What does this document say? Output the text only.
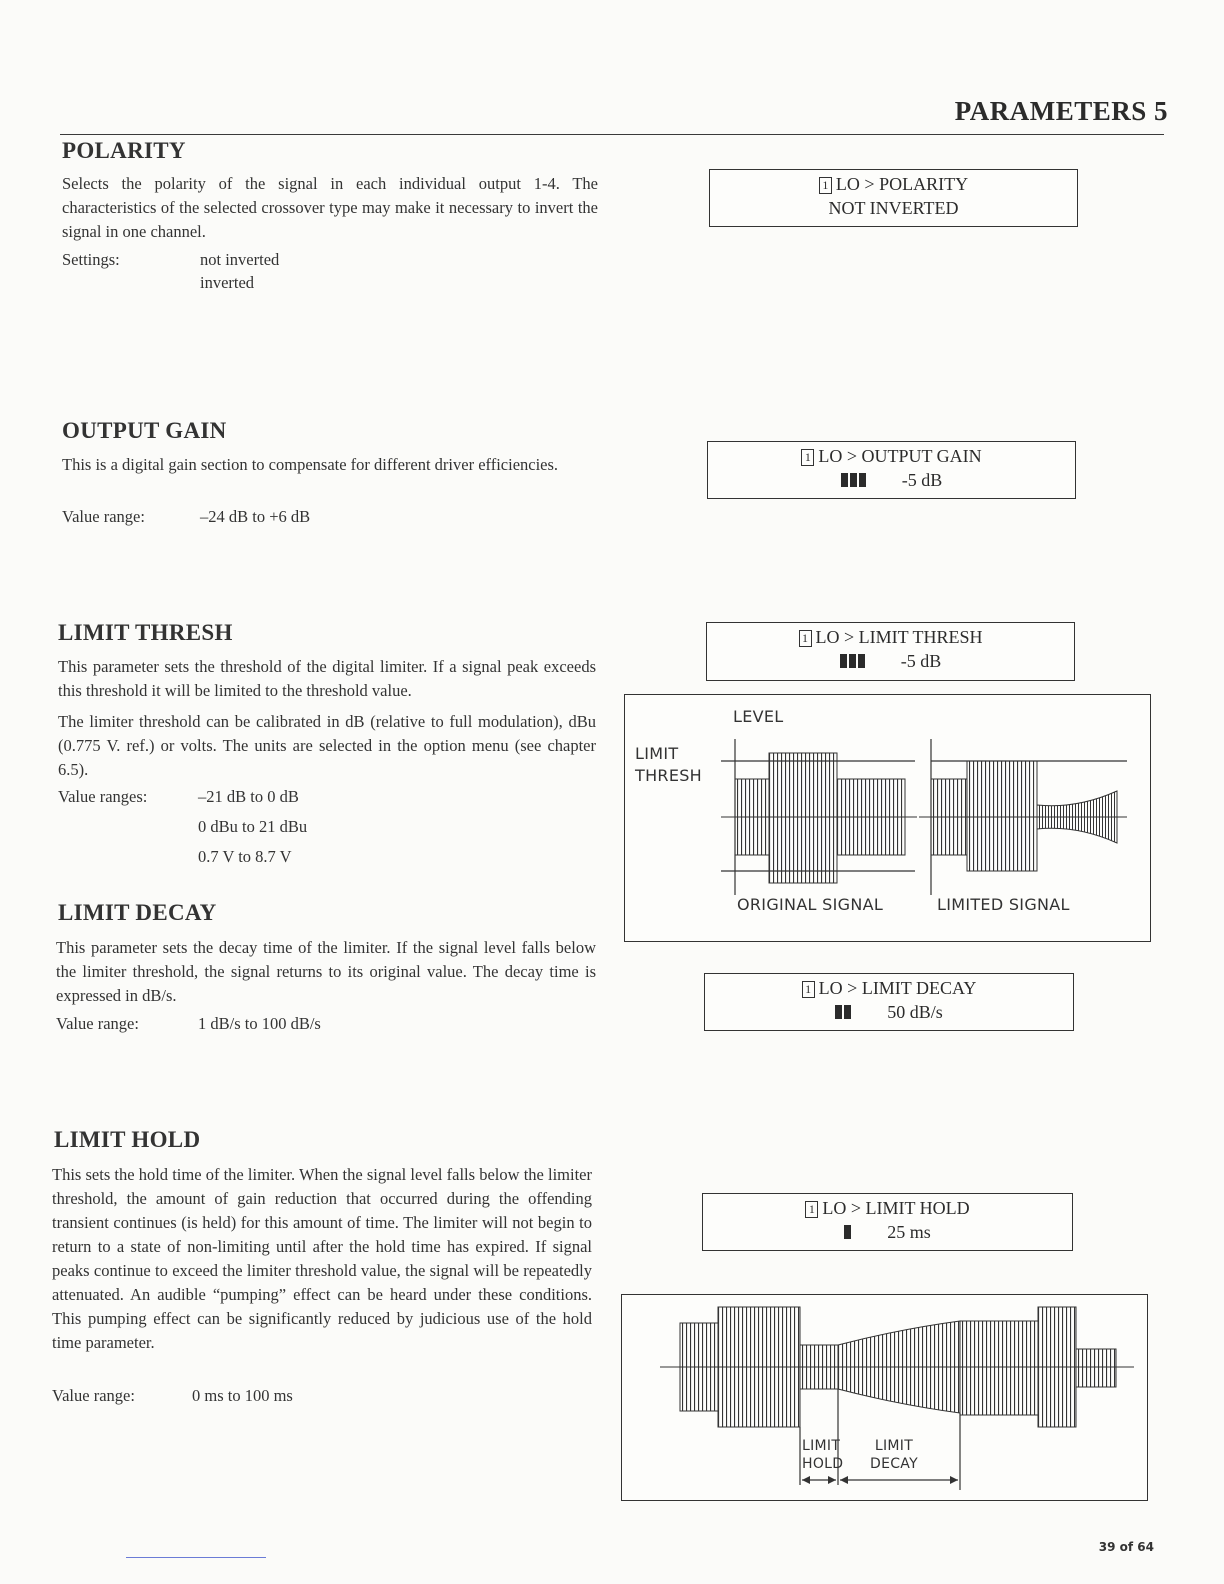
PARAMETERS 5
POLARITY

Selects the polarity of the signal in each individual output 1-4. The characteristics of the selected crossover type may make it necessary to invert the signal in one channel.

Settings:	not inverted
inverted
1 LO > POLARITY
NOT INVERTED
OUTPUT GAIN

This is a digital gain section to compensate for different driver efficiencies.

Value range:	–24 dB to +6 dB
1 LO > OUTPUT GAIN
-5 dB
LIMIT THRESH

This parameter sets the threshold of the digital limiter. If a signal peak exceeds this threshold it will be limited to the threshold value.

The limiter threshold can be calibrated in dB (relative to full modulation), dBu (0.775 V. ref.) or volts. The units are selected in the option menu (see chapter 6.5).

Value ranges:	–21 dB to 0 dB
0 dBu to 21 dBu
0.7 V to 8.7 V
1 LO > LIMIT THRESH
-5 dB
LEVEL
LIMIT
THRESH
ORIGINAL SIGNAL	LIMITED SIGNAL
LIMIT DECAY

This parameter sets the decay time of the limiter. If the signal level falls below the limiter threshold, the signal returns to its original value. The decay time is expressed in dB/s.

Value range:	1 dB/s to 100 dB/s
1 LO > LIMIT DECAY
50 dB/s
LIMIT HOLD

This sets the hold time of the limiter. When the signal level falls below the limiter threshold, the amount of gain reduction that occurred during the offending transient continues (is held) for this amount of time. The limiter will not begin to return to a state of non-limiting until after the hold time has expired. If signal peaks continue to exceed the limiter threshold value, the signal will be repeatedly attenuated. An audible “pumping” effect can be heard under these conditions. This pumping effect can be significantly reduced by judicious use of the hold time parameter.

Value range:	0 ms to 100 ms
1 LO > LIMIT HOLD
25 ms
LIMIT
HOLD
LIMIT
DECAY
39 of 64
